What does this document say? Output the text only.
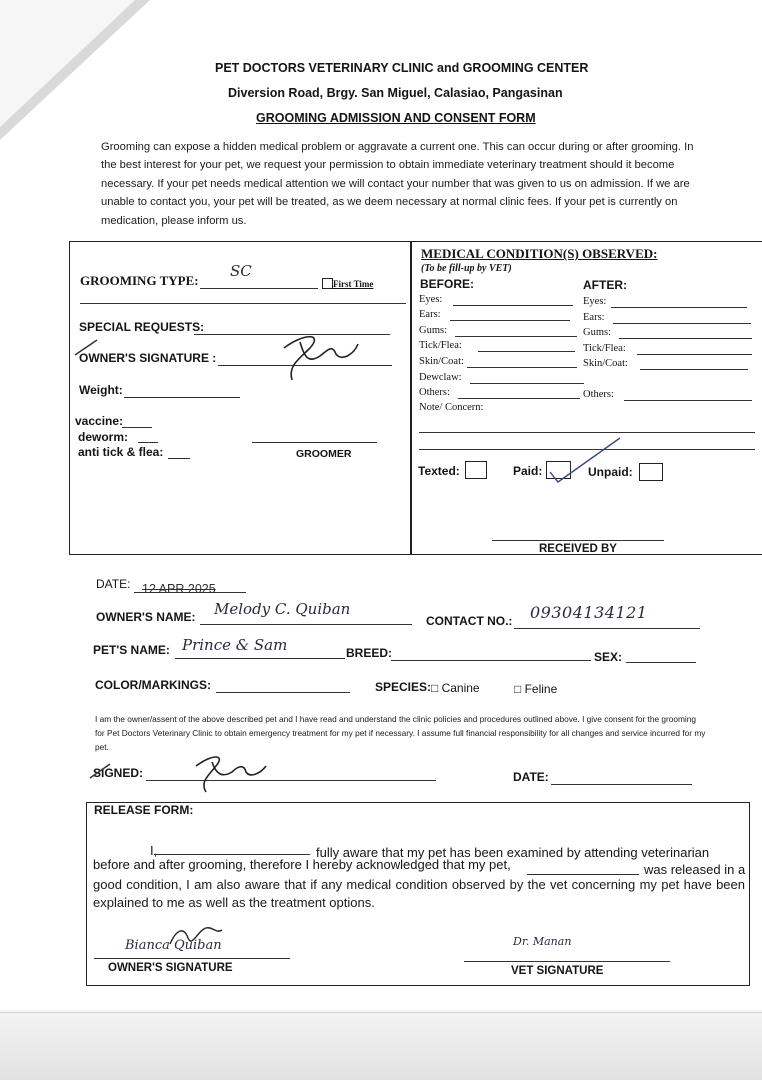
PET DOCTORS VETERINARY CLINIC and GROOMING CENTER
Diversion Road, Brgy. San Miguel, Calasiao, Pangasinan
GROOMING ADMISSION AND CONSENT FORM
Grooming can expose a hidden medical problem or aggravate a current one. This can occur during or after grooming. In the best interest for your pet, we request your permission to obtain immediate veterinary treatment should it become necessary. If your pet needs medical attention we will contact your number that was given to us on admission. If we are unable to contact you, your pet will be treated, as we deem necessary at normal clinic fees. If your pet is currently on medication, please inform us.
GROOMING TYPE:
SC
First Time
SPECIAL REQUESTS:
OWNER'S SIGNATURE :
Weight:
vaccine:
deworm:
anti tick & flea:	GROOMER
MEDICAL CONDITION(S) OBSERVED:
(To be fill-up by VET)
BEFORE:	AFTER:
Eyes:
Ears:
Gums:
Tick/Flea:
Skin/Coat:
Dewclaw:
Others:
Note/ Concern:
Eyes:
Ears:
Gums:
Tick/Flea:
Skin/Coat:
Others:
Texted:	Paid:	Unpaid:
RECEIVED BY
DATE: 12 APR 2025
OWNER'S NAME: Melody C. Quiban
CONTACT NO.: 09304134121
PET'S NAME: Prince & Sam	BREED:	SEX:
COLOR/MARKINGS:	SPECIES: □ Canine	□ Feline
I am the owner/assent of the above described pet and I have read and understand the clinic policies and procedures outlined above. I give consent for the grooming for Pet Doctors Veterinary Clinic to obtain emergency treatment for my pet if necessary. I assume full financial responsibility for all changes and service incurred for my pet.
SIGNED:	DATE:
RELEASE FORM:
I,	fully aware that my pet has been examined by attending veterinarian
before and after grooming, therefore I hereby acknowledged that my pet,	was released in a
good condition, I am also aware that if any medical condition observed by the vet concerning my pet have been explained to me as well as the treatment options.
Bianca Quiban
OWNER'S SIGNATURE
Dr. Manan
VET SIGNATURE
